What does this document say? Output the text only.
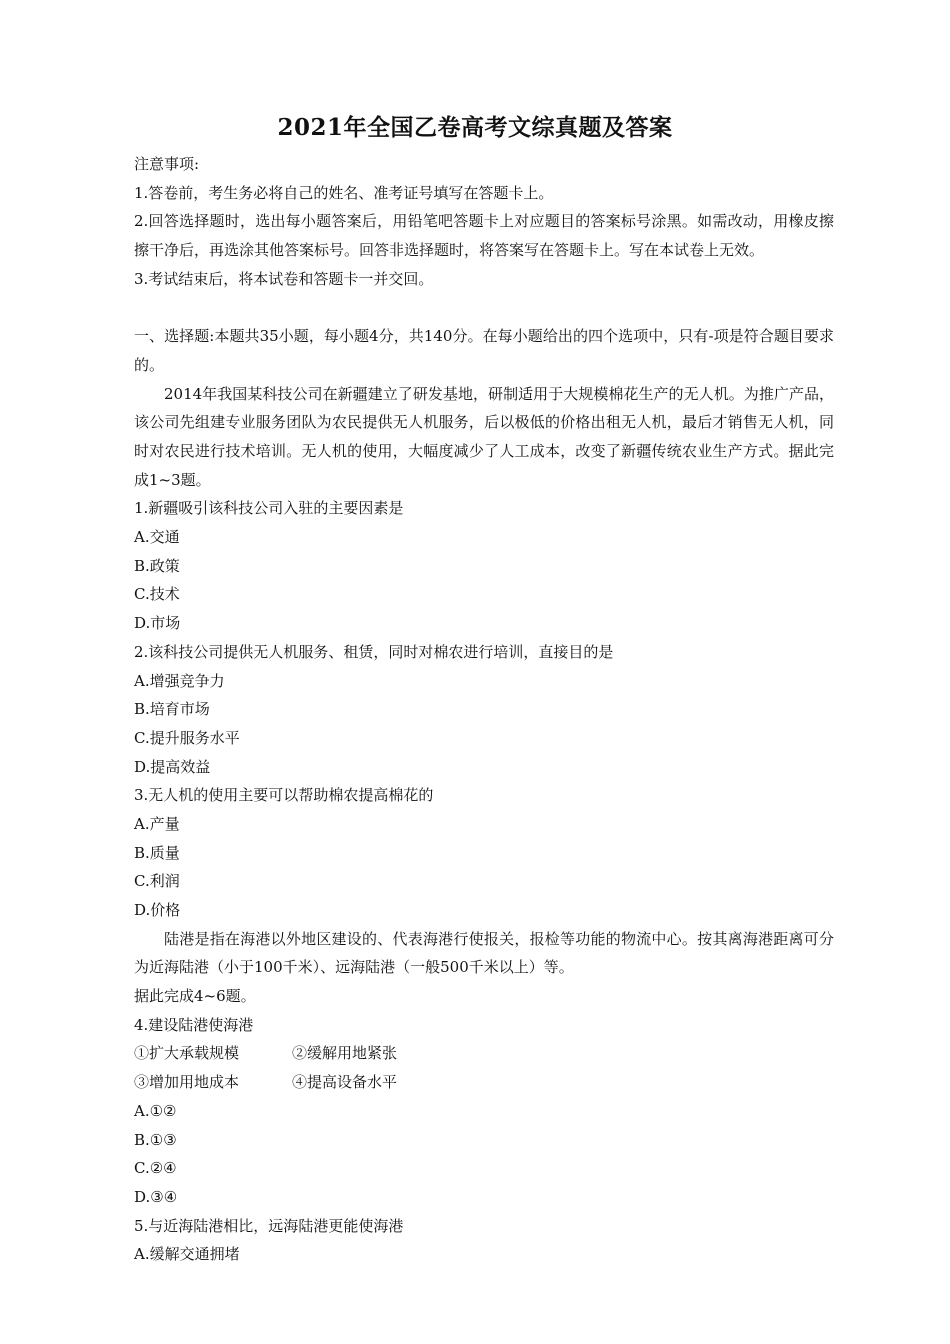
2021年全国乙卷高考文综真题及答案
注意事项:
1.答卷前，考生务必将自己的姓名、准考证号填写在答题卡上。
2.回答选择题时，选出每小题答案后，用铅笔吧答题卡上对应题目的答案标号涂黑。如需改动，用橡皮擦擦干净后，再选涂其他答案标号。回答非选择题时，将答案写在答题卡上。写在本试卷上无效。
3.考试结束后，将本试卷和答题卡一并交回。
一、选择题:本题共35小题，每小题4分，共140分。在每小题给出的四个选项中，只有-项是符合题目要求的。
2014年我国某科技公司在新疆建立了研发基地，研制适用于大规模棉花生产的无人机。为推广产品，该公司先组建专业服务团队为农民提供无人机服务，后以极低的价格出租无人机，最后才销售无人机，同时对农民进行技术培训。无人机的使用，大幅度减少了人工成本，改变了新疆传统农业生产方式。据此完成1~3题。
1.新疆吸引该科技公司入驻的主要因素是
A.交通
B.政策
C.技术
D.市场
2.该科技公司提供无人机服务、租赁，同时对棉农进行培训，直接目的是
A.增强竞争力
B.培育市场
C.提升服务水平
D.提高效益
3.无人机的使用主要可以帮助棉农提高棉花的
A.产量
B.质量
C.利润
D.价格
陆港是指在海港以外地区建设的、代表海港行使报关，报检等功能的物流中心。按其离海港距离可分为近海陆港（小于100千米）、远海陆港（一般500千米以上）等。
据此完成4~6题。
4.建设陆港使海港
①扩大承载规模	②缓解用地紧张
③增加用地成本	④提高设备水平
A.①②
B.①③
C.②④
D.③④
5.与近海陆港相比，远海陆港更能使海港
A.缓解交通拥堵
